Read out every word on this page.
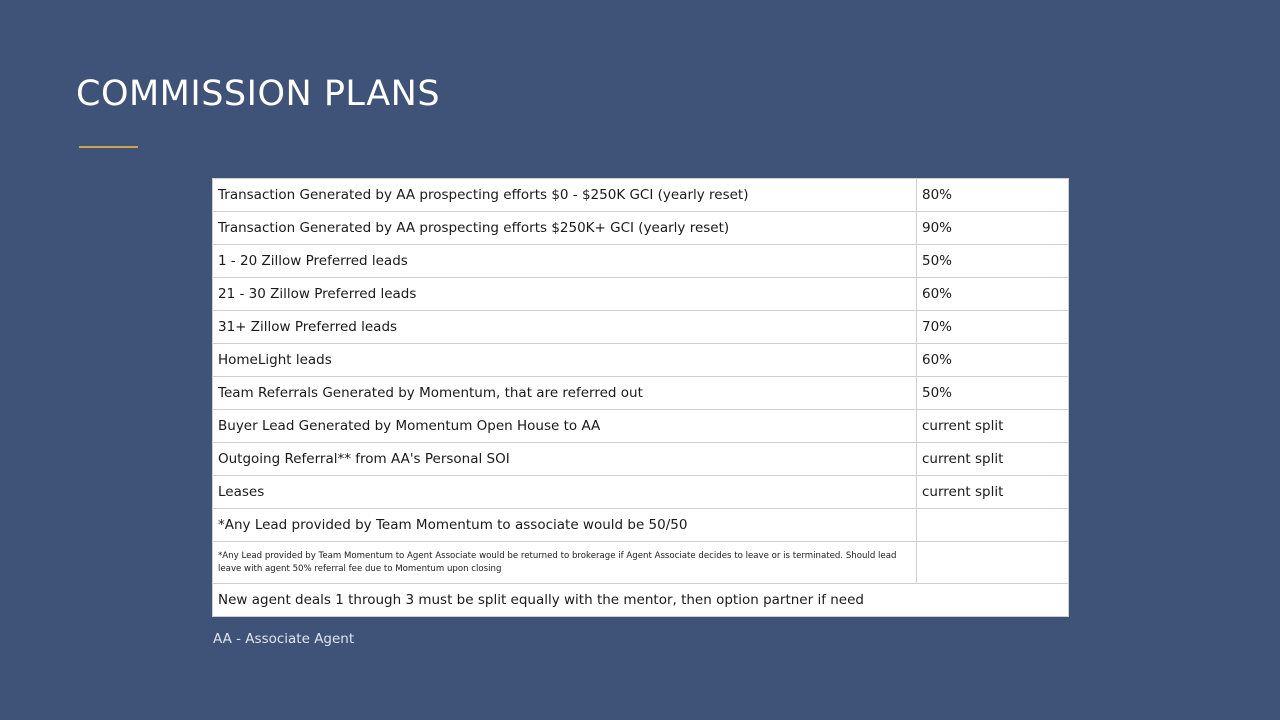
COMMISSION PLANS
Transaction Generated by AA prospecting efforts $0 - $250K GCI (yearly reset)	80%
Transaction Generated by AA prospecting efforts $250K+ GCI (yearly reset)	90%
1 - 20 Zillow Preferred leads	50%
21 - 30 Zillow Preferred leads	60%
31+ Zillow Preferred leads	70%
HomeLight leads	60%
Team Referrals Generated by Momentum, that are referred out	50%
Buyer Lead Generated by Momentum Open House to AA	current split
Outgoing Referral** from AA's Personal SOI	current split
Leases	current split
*Any Lead provided by Team Momentum to associate would be 50/50	
*Any Lead provided by Team Momentum to Agent Associate would be returned to brokerage if Agent Associate decides to leave or is terminated. Should lead leave with agent 50% referral fee due to Momentum upon closing	
New agent deals 1 through 3 must be split equally with the mentor, then option partner if need	
AA - Associate Agent
